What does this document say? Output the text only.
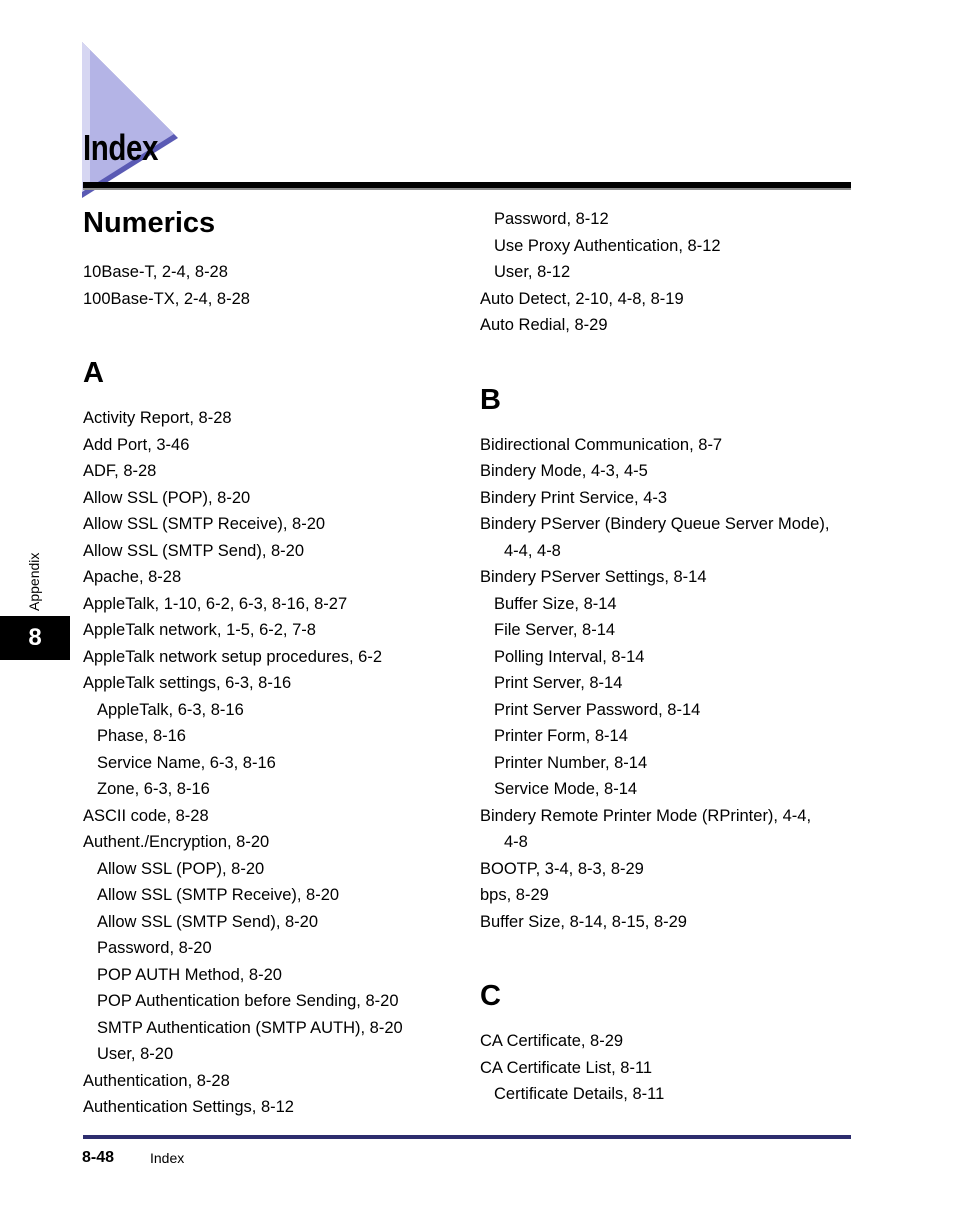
Index
Numerics
10Base-T, 2-4, 8-28
100Base-TX, 2-4, 8-28
A
Activity Report, 8-28
Add Port, 3-46
ADF, 8-28
Allow SSL (POP), 8-20
Allow SSL (SMTP Receive), 8-20
Allow SSL (SMTP Send), 8-20
Apache, 8-28
AppleTalk, 1-10, 6-2, 6-3, 8-16, 8-27
AppleTalk network, 1-5, 6-2, 7-8
AppleTalk network setup procedures, 6-2
AppleTalk settings, 6-3, 8-16
AppleTalk, 6-3, 8-16
Phase, 8-16
Service Name, 6-3, 8-16
Zone, 6-3, 8-16
ASCII code, 8-28
Authent./Encryption, 8-20
Allow SSL (POP), 8-20
Allow SSL (SMTP Receive), 8-20
Allow SSL (SMTP Send), 8-20
Password, 8-20
POP AUTH Method, 8-20
POP Authentication before Sending, 8-20
SMTP Authentication (SMTP AUTH), 8-20
User, 8-20
Authentication, 8-28
Authentication Settings, 8-12
Password, 8-12
Use Proxy Authentication, 8-12
User, 8-12
Auto Detect, 2-10, 4-8, 8-19
Auto Redial, 8-29
B
Bidirectional Communication, 8-7
Bindery Mode, 4-3, 4-5
Bindery Print Service, 4-3
Bindery PServer (Bindery Queue Server Mode),
4-4, 4-8
Bindery PServer Settings, 8-14
Buffer Size, 8-14
File Server, 8-14
Polling Interval, 8-14
Print Server, 8-14
Print Server Password, 8-14
Printer Form, 8-14
Printer Number, 8-14
Service Mode, 8-14
Bindery Remote Printer Mode (RPrinter), 4-4,
4-8
BOOTP, 3-4, 8-3, 8-29
bps, 8-29
Buffer Size, 8-14, 8-15, 8-29
C
CA Certificate, 8-29
CA Certificate List, 8-11
Certificate Details, 8-11
Appendix
8
8-48	Index
